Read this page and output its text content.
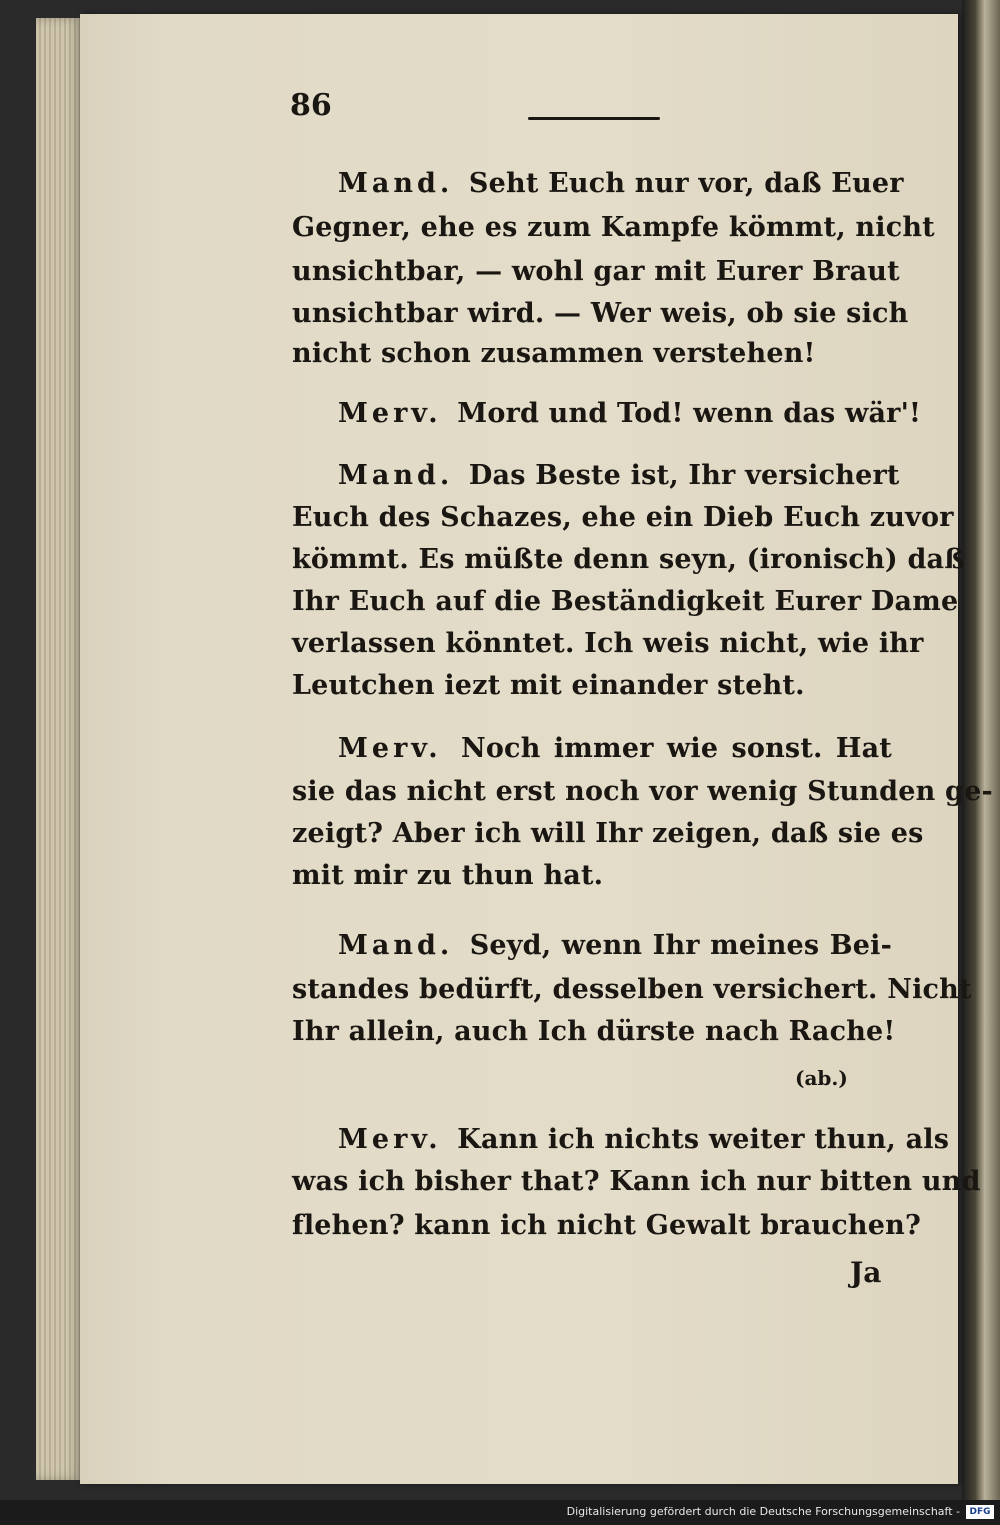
86
Mand. Seht Euch nur vor, daß Euer
Gegner, ehe es zum Kampfe kömmt, nicht
unsichtbar, — wohl gar mit Eurer Braut
unsichtbar wird. — Wer weis, ob sie sich
nicht schon zusammen verstehen!
Merv. Mord und Tod! wenn das wär'!
Mand. Das Beste ist, Ihr versichert
Euch des Schazes, ehe ein Dieb Euch zuvor
kömmt. Es müßte denn seyn, (ironisch) daß
Ihr Euch auf die Beständigkeit Eurer Dame
verlassen könntet. Ich weis nicht, wie ihr
Leutchen iezt mit einander steht.
Merv. Noch immer wie sonst. Hat
sie das nicht erst noch vor wenig Stunden ge-
zeigt? Aber ich will Ihr zeigen, daß sie es
mit mir zu thun hat.
Mand. Seyd, wenn Ihr meines Bei-
standes bedürft, desselben versichert. Nicht
Ihr allein, auch Ich dürste nach Rache!
(ab.)
Merv. Kann ich nichts weiter thun, als
was ich bisher that? Kann ich nur bitten und
flehen? kann ich nicht Gewalt brauchen?
Ja
Digitalisierung gefördert durch die Deutsche Forschungsgemeinschaft -	DFG
